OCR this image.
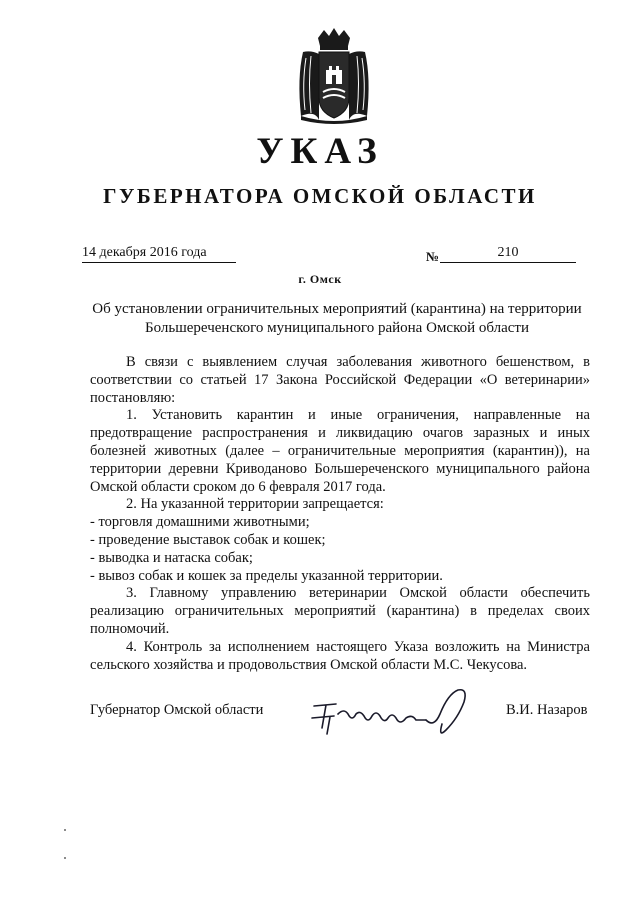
УКАЗ
ГУБЕРНАТОРА ОМСКОЙ ОБЛАСТИ
14 декабря 2016 года	№	210
г. Омск
Об установлении ограничительных мероприятий (карантина) на территории
Большереченского муниципального района Омской области

В связи с выявлением случая заболевания животного бешенством, в соответствии со статьей 17 Закона Российской Федерации «О ветеринарии» постановляю:

1. Установить карантин и иные ограничения, направленные на предотвращение распространения и ликвидацию очагов заразных и иных болезней животных (далее – ограничительные мероприятия (карантин)), на территории деревни Криводаново Большереченского муниципального района Омской области сроком до 6 февраля 2017 года.

2. На указанной территории запрещается:

- торговля домашними животными;

- проведение выставок собак и кошек;

- выводка и натаска собак;

- вывоз собак и кошек за пределы указанной территории.

3. Главному управлению ветеринарии Омской области обеспечить реализацию ограничительных мероприятий (карантина) в пределах своих полномочий.

4. Контроль за исполнением настоящего Указа возложить на Министра сельского хозяйства и продовольствия Омской области М.С. Чекусова.

Губернатор Омской области	В.И. Назаров
